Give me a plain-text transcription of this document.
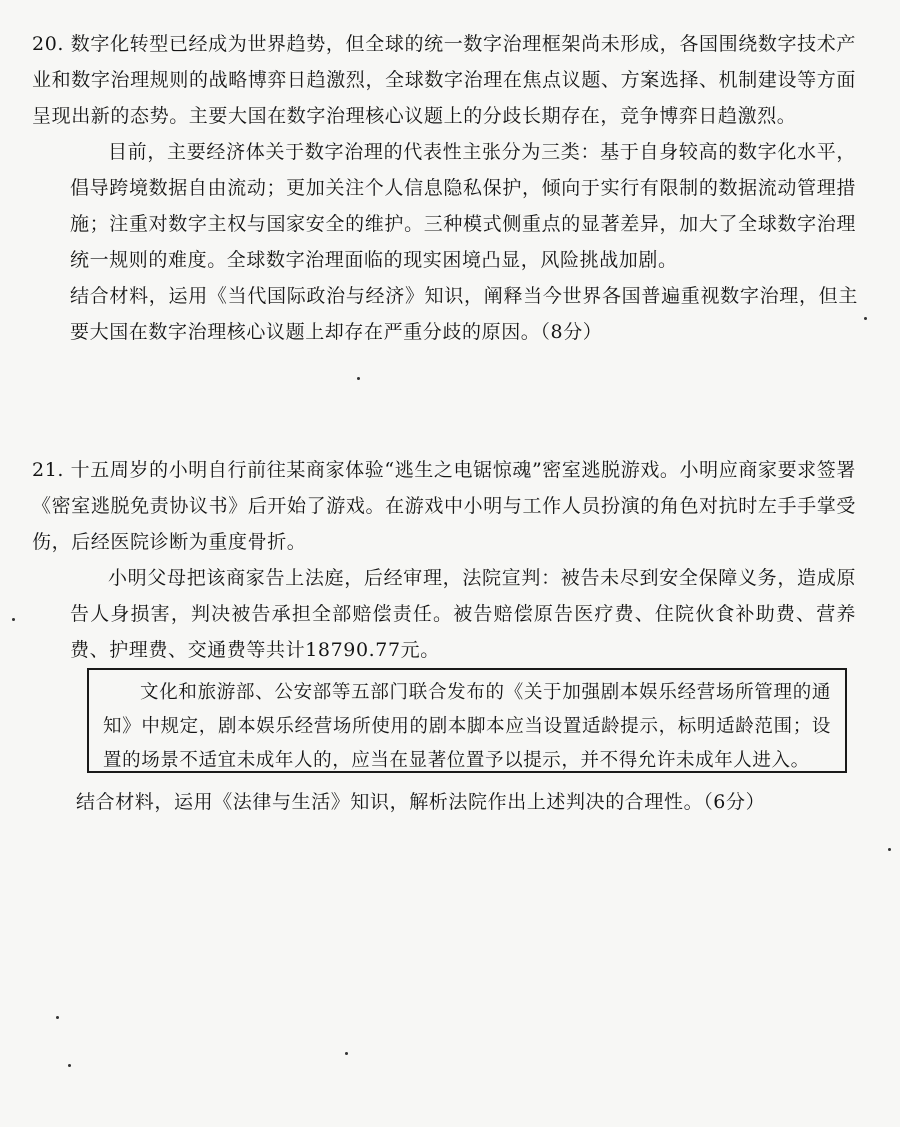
20. 数字化转型已经成为世界趋势，但全球的统一数字治理框架尚未形成，各国围绕数字技术产业和数字治理规则的战略博弈日趋激烈，全球数字治理在焦点议题、方案选择、机制建设等方面呈现出新的态势。主要大国在数字治理核心议题上的分歧长期存在，竞争博弈日趋激烈。
目前，主要经济体关于数字治理的代表性主张分为三类：基于自身较高的数字化水平，倡导跨境数据自由流动；更加关注个人信息隐私保护，倾向于实行有限制的数据流动管理措施；注重对数字主权与国家安全的维护。三种模式侧重点的显著差异，加大了全球数字治理统一规则的难度。全球数字治理面临的现实困境凸显，风险挑战加剧。
结合材料，运用《当代国际政治与经济》知识，阐释当今世界各国普遍重视数字治理，但主要大国在数字治理核心议题上却存在严重分歧的原因。（8分）
21. 十五周岁的小明自行前往某商家体验“逃生之电锯惊魂”密室逃脱游戏。小明应商家要求签署《密室逃脱免责协议书》后开始了游戏。在游戏中小明与工作人员扮演的角色对抗时左手手掌受伤，后经医院诊断为重度骨折。
小明父母把该商家告上法庭，后经审理，法院宣判：被告未尽到安全保障义务，造成原告人身损害，判决被告承担全部赔偿责任。被告赔偿原告医疗费、住院伙食补助费、营养费、护理费、交通费等共计18790.77元。
文化和旅游部、公安部等五部门联合发布的《关于加强剧本娱乐经营场所管理的通知》中规定，剧本娱乐经营场所使用的剧本脚本应当设置适龄提示，标明适龄范围；设置的场景不适宜未成年人的，应当在显著位置予以提示，并不得允许未成年人进入。
结合材料，运用《法律与生活》知识，解析法院作出上述判决的合理性。（6分）
